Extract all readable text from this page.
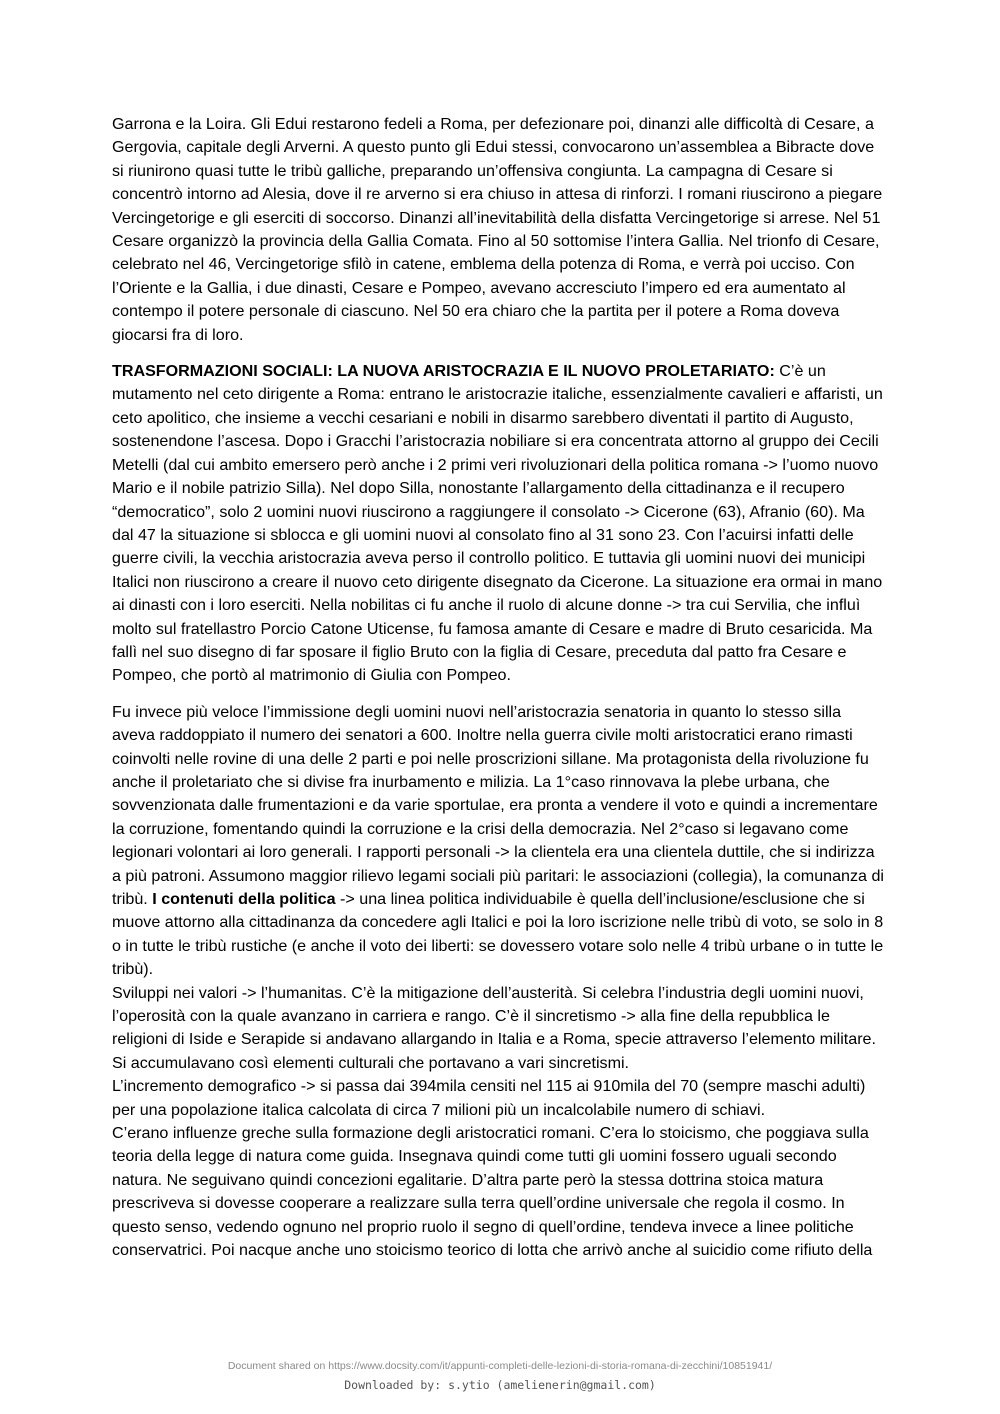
Garrona e la Loira. Gli Edui restarono fedeli a Roma, per defezionare poi, dinanzi alle difficoltà di Cesare, a Gergovia, capitale degli Arverni. A questo punto gli Edui stessi, convocarono un’assemblea a Bibracte dove si riunirono quasi tutte le tribù galliche, preparando un’offensiva congiunta. La campagna di Cesare si concentrò intorno ad Alesia, dove il re arverno si era chiuso in attesa di rinforzi. I romani riuscirono a piegare Vercingetorige e gli eserciti di soccorso. Dinanzi all’inevitabilità della disfatta Vercingetorige si arrese. Nel 51 Cesare organizzò la provincia della Gallia Comata. Fino al 50 sottomise l’intera Gallia. Nel trionfo di Cesare, celebrato nel 46, Vercingetorige sfilò in catene, emblema della potenza di Roma, e verrà poi ucciso. Con l’Oriente e la Gallia, i due dinasti, Cesare e Pompeo, avevano accresciuto l’impero ed era aumentato al contempo il potere personale di ciascuno. Nel 50 era chiaro che la partita per il potere a Roma doveva giocarsi fra di loro.

TRASFORMAZIONI SOCIALI: LA NUOVA ARISTOCRAZIA E IL NUOVO PROLETARIATO: C’è un mutamento nel ceto dirigente a Roma: entrano le aristocrazie italiche, essenzialmente cavalieri e affaristi, un ceto apolitico, che insieme a vecchi cesariani e nobili in disarmo sarebbero diventati il partito di Augusto, sostenendone l’ascesa. Dopo i Gracchi l’aristocrazia nobiliare si era concentrata attorno al gruppo dei Cecili Metelli (dal cui ambito emersero però anche i 2 primi veri rivoluzionari della politica romana -> l’uomo nuovo Mario e il nobile patrizio Silla). Nel dopo Silla, nonostante l’allargamento della cittadinanza e il recupero “democratico”, solo 2 uomini nuovi riuscirono a raggiungere il consolato -> Cicerone (63), Afranio (60). Ma dal 47 la situazione si sblocca e gli uomini nuovi al consolato fino al 31 sono 23. Con l’acuirsi infatti delle guerre civili, la vecchia aristocrazia aveva perso il controllo politico. E tuttavia gli uomini nuovi dei municipi Italici non riuscirono a creare il nuovo ceto dirigente disegnato da Cicerone. La situazione era ormai in mano ai dinasti con i loro eserciti. Nella nobilitas ci fu anche il ruolo di alcune donne -> tra cui Servilia, che influì molto sul fratellastro Porcio Catone Uticense, fu famosa amante di Cesare e madre di Bruto cesaricida. Ma fallì nel suo disegno di far sposare il figlio Bruto con la figlia di Cesare, preceduta dal patto fra Cesare e Pompeo, che portò al matrimonio di Giulia con Pompeo.

Fu invece più veloce l’immissione degli uomini nuovi nell’aristocrazia senatoria in quanto lo stesso silla aveva raddoppiato il numero dei senatori a 600. Inoltre nella guerra civile molti aristocratici erano rimasti coinvolti nelle rovine di una delle 2 parti e poi nelle proscrizioni sillane. Ma protagonista della rivoluzione fu anche il proletariato che si divise fra inurbamento e milizia. La 1°caso rinnovava la plebe urbana, che sovvenzionata dalle frumentazioni e da varie sportulae, era pronta a vendere il voto e quindi a incrementare la corruzione, fomentando quindi la corruzione e la crisi della democrazia. Nel 2°caso si legavano come legionari volontari ai loro generali. I rapporti personali -> la clientela era una clientela duttile, che si indirizza a più patroni. Assumono maggior rilievo legami sociali più paritari: le associazioni (collegia), la comunanza di tribù. I contenuti della politica -> una linea politica individuabile è quella dell’inclusione/esclusione che si muove attorno alla cittadinanza da concedere agli Italici e poi la loro iscrizione nelle tribù di voto, se solo in 8 o in tutte le tribù rustiche (e anche il voto dei liberti: se dovessero votare solo nelle 4 tribù urbane o in tutte le tribù).

Sviluppi nei valori -> l’humanitas. C’è la mitigazione dell’austerità. Si celebra l’industria degli uomini nuovi, l’operosità con la quale avanzano in carriera e rango. C’è il sincretismo -> alla fine della repubblica le religioni di Iside e Serapide si andavano allargando in Italia e a Roma, specie attraverso l’elemento militare. Si accumulavano così elementi culturali che portavano a vari sincretismi.

L’incremento demografico -> si passa dai 394mila censiti nel 115 ai 910mila del 70 (sempre maschi adulti) per una popolazione italica calcolata di circa 7 milioni più un incalcolabile numero di schiavi.

C’erano influenze greche sulla formazione degli aristocratici romani. C’era lo stoicismo, che poggiava sulla teoria della legge di natura come guida. Insegnava quindi come tutti gli uomini fossero uguali secondo natura. Ne seguivano quindi concezioni egalitarie. D’altra parte però la stessa dottrina stoica matura prescriveva si dovesse cooperare a realizzare sulla terra quell’ordine universale che regola il cosmo. In questo senso, vedendo ognuno nel proprio ruolo il segno di quell’ordine, tendeva invece a linee politiche conservatrici. Poi nacque anche uno stoicismo teorico di lotta che arrivò anche al suicidio come rifiuto della

Document shared on https://www.docsity.com/it/appunti-completi-delle-lezioni-di-storia-romana-di-zecchini/10851941/
Downloaded by: s.ytio (amelienerin@gmail.com)
